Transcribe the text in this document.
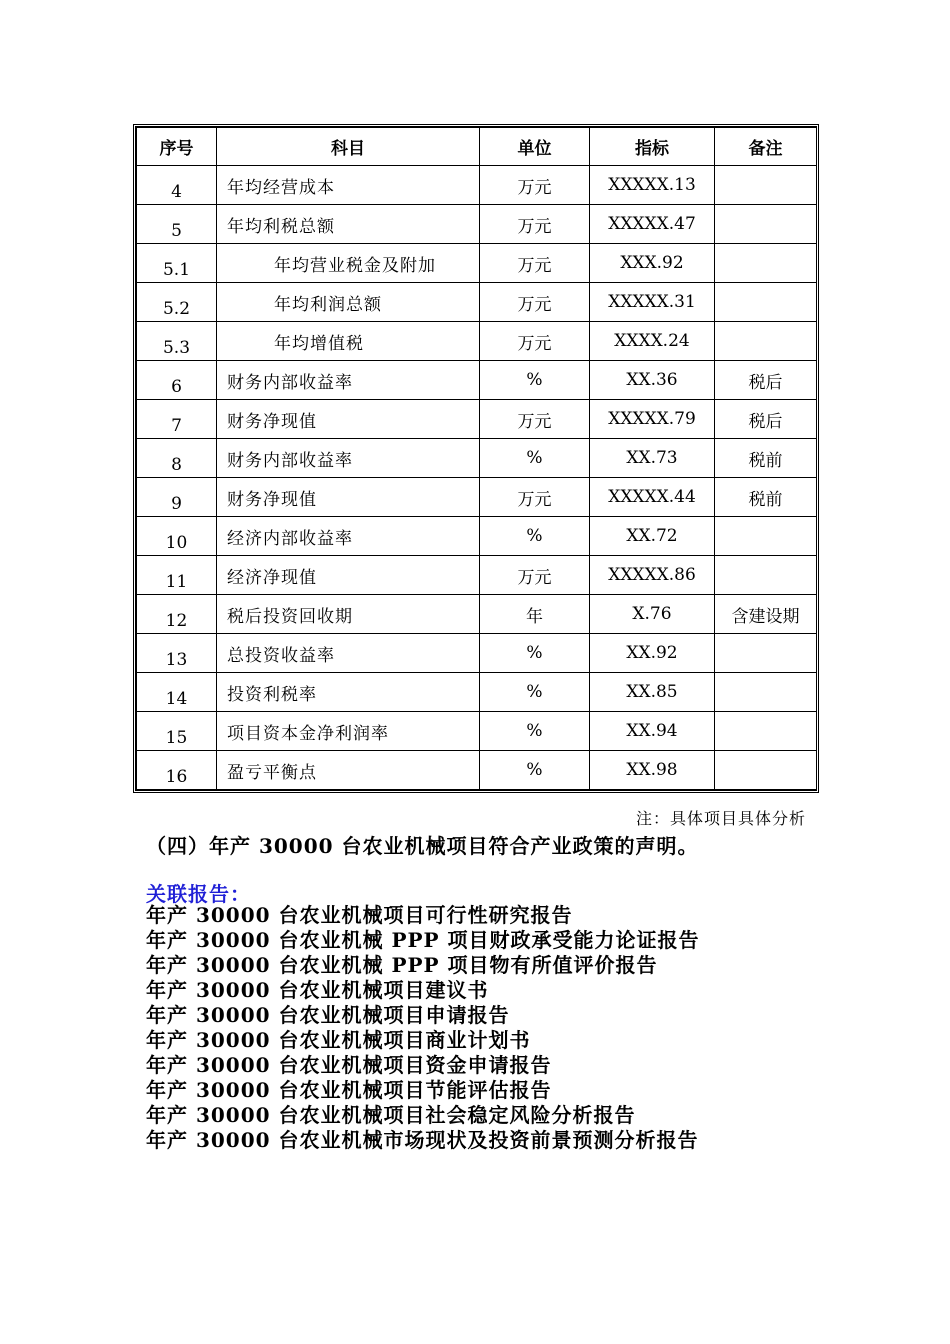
序号	科目	单位	指标	备注
4	年均经营成本	万元	XXXXX.13	
5	年均利税总额	万元	XXXXX.47	
5.1	年均营业税金及附加	万元	XXX.92	
5.2	年均利润总额	万元	XXXXX.31	
5.3	年均增值税	万元	XXXX.24	
6	财务内部收益率	%	XX.36	税后
7	财务净现值	万元	XXXXX.79	税后
8	财务内部收益率	%	XX.73	税前
9	财务净现值	万元	XXXXX.44	税前
10	经济内部收益率	%	XX.72	
11	经济净现值	万元	XXXXX.86	
12	税后投资回收期	年	X.76	含建设期
13	总投资收益率	%	XX.92	
14	投资利税率	%	XX.85	
15	项目资本金净利润率	%	XX.94	
16	盈亏平衡点	%	XX.98	
注：具体项目具体分析
（四）年产 30000 台农业机械项目符合产业政策的声明。
关联报告：
年产 30000 台农业机械项目可行性研究报告
年产 30000 台农业机械 PPP 项目财政承受能力论证报告
年产 30000 台农业机械 PPP 项目物有所值评价报告
年产 30000 台农业机械项目建议书
年产 30000 台农业机械项目申请报告
年产 30000 台农业机械项目商业计划书
年产 30000 台农业机械项目资金申请报告
年产 30000 台农业机械项目节能评估报告
年产 30000 台农业机械项目社会稳定风险分析报告
年产 30000 台农业机械市场现状及投资前景预测分析报告
